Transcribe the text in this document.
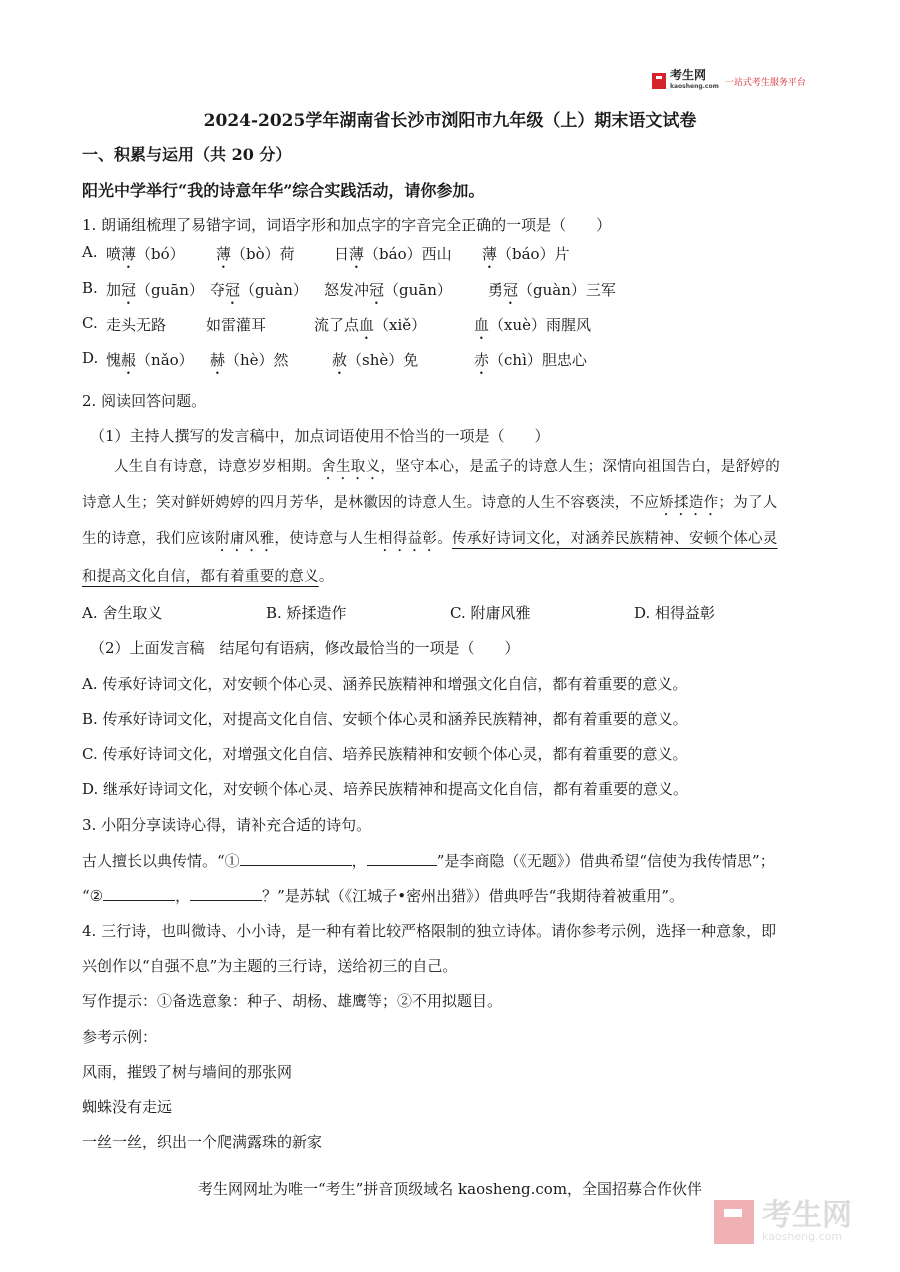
考生网
kaosheng.com 一站式考生服务平台
2024-2025学年湖南省长沙市浏阳市九年级（上）期末语文试卷
一、积累与运用（共 20 分）
阳光中学举行“我的诗意年华”综合实践活动，请你参加。
1. 朗诵组梳理了易错字词，词语字形和加点字的字音完全正确的一项是（　　）
A. 喷薄（bó） 薄（bò）荷	日薄（báo）西山 薄（báo）片
B. 加冠（guān） 夺冠（guàn） 怒发冲冠（guān） 勇冠（guàn）三军
C. 走头无路	如雷灌耳	流了点血（xiě）	血（xuè）雨腥风
D. 愧赧（nǎo） 赫（hè）然	赦（shè）免	赤（chì）胆忠心
2. 阅读回答问题。
（1）主持人撰写的发言稿中，加点词语使用不恰当的一项是（　　）
人生自有诗意，诗意岁岁相期。舍生取义，坚守本心，是孟子的诗意人生；深情向祖国告白，是舒婷的
诗意人生；笑对鲜妍娉婷的四月芳华，是林徽因的诗意人生。诗意的人生不容亵渎，不应矫揉造作；为了人
生的诗意，我们应该附庸风雅，使诗意与人生相得益彰。传承好诗词文化，对涵养民族精神、安顿个体心灵
和提高文化自信，都有着重要的意义。
A. 舍生取义	B. 矫揉造作	C. 附庸风雅	D. 相得益彰
（2）上面发言稿　结尾句有语病，修改最恰当的一项是（　　）
A. 传承好诗词文化，对安顿个体心灵、涵养民族精神和增强文化自信，都有着重要的意义。
B. 传承好诗词文化，对提高文化自信、安顿个体心灵和涵养民族精神，都有着重要的意义。
C. 传承好诗词文化，对增强文化自信、培养民族精神和安顿个体心灵，都有着重要的意义。
D. 继承好诗词文化，对安顿个体心灵、培养民族精神和提高文化自信，都有着重要的意义。
3. 小阳分享读诗心得，请补充合适的诗句。
古人擅长以典传情。“①	，	”是李商隐（《无题》）借典希望“信使为我传情思”；
“②	，	？”是苏轼（《江城子•密州出猎》）借典呼告“我期待着被重用”。
4. 三行诗，也叫微诗、小小诗，是一种有着比较严格限制的独立诗体。请你参考示例，选择一种意象，即
兴创作以“自强不息”为主题的三行诗，送给初三的自己。
写作提示：①备选意象：种子、胡杨、雄鹰等；②不用拟题目。
参考示例：
风雨，摧毁了树与墙间的那张网
蜘蛛没有走远
一丝一丝，织出一个爬满露珠的新家
考生网网址为唯一“考生”拼音顶级域名 kaosheng.com，全国招募合作伙伴
考生网
kaosheng.com
